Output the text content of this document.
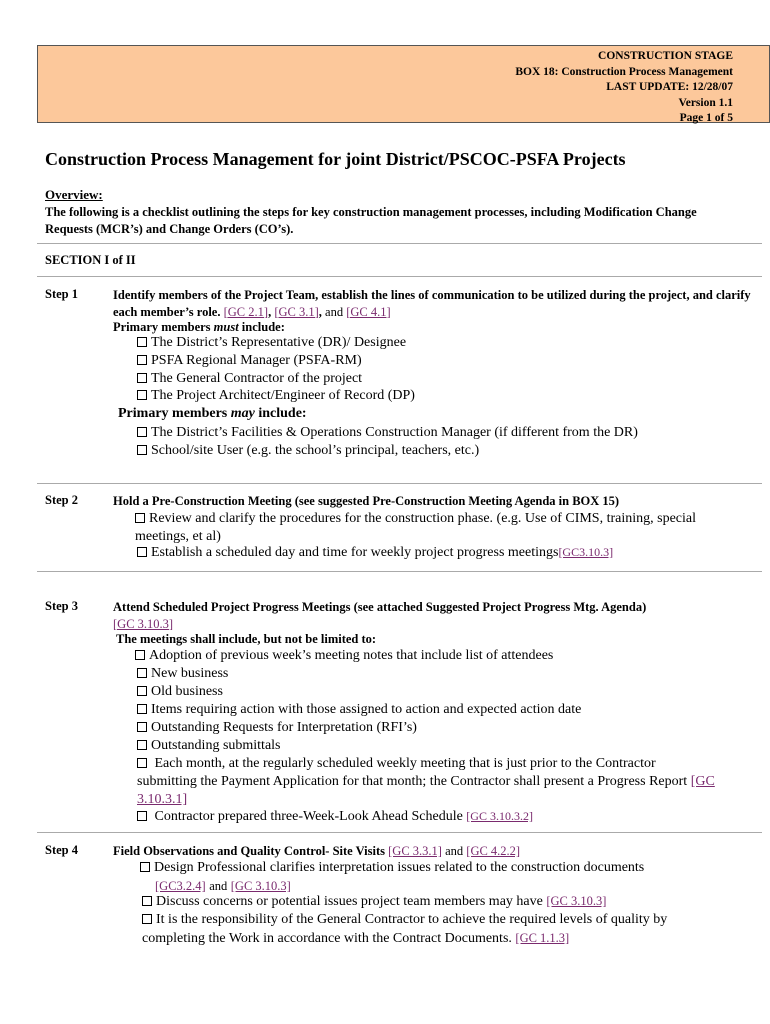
CONSTRUCTION STAGE
BOX 18: Construction Process Management
LAST UPDATE: 12/28/07
Version 1.1
Page 1 of 5
Construction Process Management for joint District/PSCOC-PSFA Projects
Overview:
The following is a checklist outlining the steps for key construction management processes, including Modification Change Requests (MCR’s) and Change Orders (CO’s).
SECTION I of II
Step 1	Identify members of the Project Team, establish the lines of communication to be utilized during the project, and clarify each member’s role. [GC 2.1], [GC 3.1], and [GC 4.1]
Primary members must include:
The District’s Representative (DR)/ Designee
PSFA Regional Manager (PSFA-RM)
The General Contractor of the project
The Project Architect/Engineer of Record (DP)
Primary members may include:
The District’s Facilities & Operations Construction Manager (if different from the DR)
School/site User (e.g. the school’s principal, teachers, etc.)
Step 2	Hold a Pre-Construction Meeting (see suggested Pre-Construction Meeting Agenda in BOX 15)
Review and clarify the procedures for the construction phase. (e.g. Use of CIMS, training, special meetings, et al)
Establish a scheduled day and time for weekly project progress meetings[GC3.10.3]
Step 3	Attend Scheduled Project Progress Meetings (see attached Suggested Project Progress Mtg. Agenda)
[GC 3.10.3]
The meetings shall include, but not be limited to:
Adoption of previous week’s meeting notes that include list of attendees
New business
Old business
Items requiring action with those assigned to action and expected action date
Outstanding Requests for Interpretation (RFI’s)
Outstanding submittals
Each month, at the regularly scheduled weekly meeting that is just prior to the Contractor submitting the Payment Application for that month; the Contractor shall present a Progress Report [GC 3.10.3.1]
Contractor prepared three-Week-Look Ahead Schedule [GC 3.10.3.2]
Step 4	Field Observations and Quality Control- Site Visits [GC 3.3.1] and [GC 4.2.2]
Design Professional clarifies interpretation issues related to the construction documents
[GC3.2.4] and [GC 3.10.3]
Discuss concerns or potential issues project team members may have [GC 3.10.3]
It is the responsibility of the General Contractor to achieve the required levels of quality by completing the Work in accordance with the Contract Documents. [GC 1.1.3]
